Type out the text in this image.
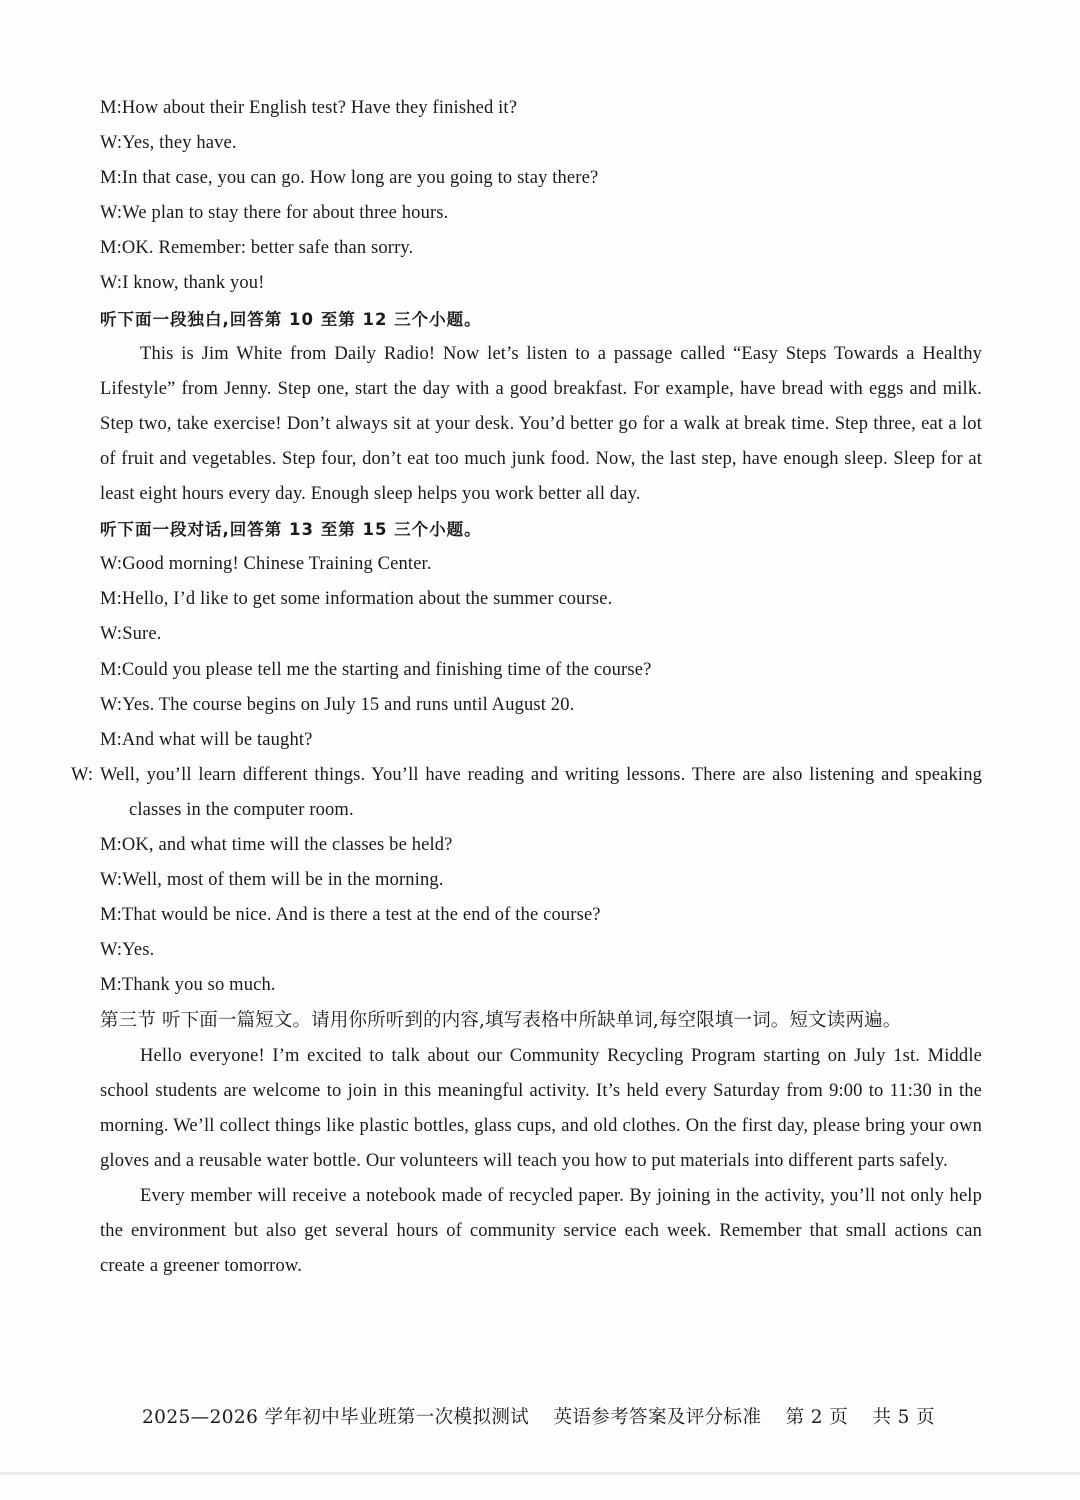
M:How about their English test? Have they finished it?
W:Yes, they have.
M:In that case, you can go. How long are you going to stay there?
W:We plan to stay there for about three hours.
M:OK. Remember: better safe than sorry.
W:I know, thank you!
听下面一段独白,回答第 10 至第 12 三个小题。
This is Jim White from Daily Radio! Now let’s listen to a passage called “Easy Steps Towards a Healthy Lifestyle” from Jenny. Step one, start the day with a good breakfast. For example, have bread with eggs and milk. Step two, take exercise! Don’t always sit at your desk. You’d better go for a walk at break time. Step three, eat a lot of fruit and vegetables. Step four, don’t eat too much junk food. Now, the last step, have enough sleep. Sleep for at least eight hours every day. Enough sleep helps you work better all day.
听下面一段对话,回答第 13 至第 15 三个小题。
W:Good morning! Chinese Training Center.
M:Hello, I’d like to get some information about the summer course.
W:Sure.
M:Could you please tell me the starting and finishing time of the course?
W:Yes. The course begins on July 15 and runs until August 20.
M:And what will be taught?
W: Well, you’ll learn different things. You’ll have reading and writing lessons. There are also listening and speaking classes in the computer room.
M:OK, and what time will the classes be held?
W:Well, most of them will be in the morning.
M:That would be nice. And is there a test at the end of the course?
W:Yes.
M:Thank you so much.
第三节 听下面一篇短文。请用你所听到的内容,填写表格中所缺单词,每空限填一词。短文读两遍。
Hello everyone! I’m excited to talk about our Community Recycling Program starting on July 1st. Middle school students are welcome to join in this meaningful activity. It’s held every Saturday from 9:00 to 11:30 in the morning. We’ll collect things like plastic bottles, glass cups, and old clothes. On the first day, please bring your own gloves and a reusable water bottle. Our volunteers will teach you how to put materials into different parts safely.
Every member will receive a notebook made of recycled paper. By joining in the activity, you’ll not only help the environment but also get several hours of community service each week. Remember that small actions can create a greener tomorrow.
2025—2026 学年初中毕业班第一次模拟测试 英语参考答案及评分标准 第 2 页 共 5 页
